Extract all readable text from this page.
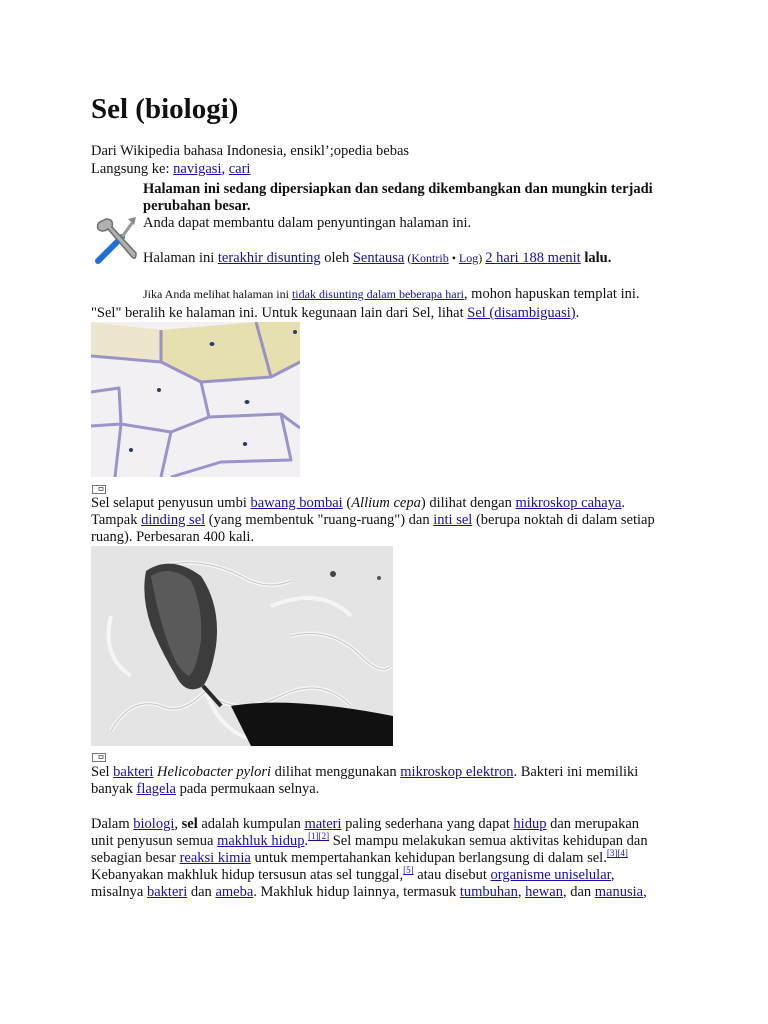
Sel (biologi)
Dari Wikipedia bahasa Indonesia, ensikl’;opedia bebas
Langsung ke: navigasi, cari
Halaman ini sedang dipersiapkan dan sedang dikembangkan dan mungkin terjadi perubahan besar.
Anda dapat membantu dalam penyuntingan halaman ini.
Halaman ini terakhir disunting oleh Sentausa (Kontrib • Log) 2 hari 188 menit lalu.
Jika Anda melihat halaman ini tidak disunting dalam beberapa hari, mohon hapuskan templat ini.
"Sel" beralih ke halaman ini. Untuk kegunaan lain dari Sel, lihat Sel (disambiguasi).
Sel selaput penyusun umbi bawang bombai (Allium cepa) dilihat dengan mikroskop cahaya.
Tampak dinding sel (yang membentuk "ruang-ruang") dan inti sel (berupa noktah di dalam setiap
ruang). Perbesaran 400 kali.
Sel bakteri Helicobacter pylori dilihat menggunakan mikroskop elektron. Bakteri ini memiliki
banyak flagela pada permukaan selnya.
Dalam biologi, sel adalah kumpulan materi paling sederhana yang dapat hidup dan merupakan
unit penyusun semua makhluk hidup.[1][2] Sel mampu melakukan semua aktivitas kehidupan dan
sebagian besar reaksi kimia untuk mempertahankan kehidupan berlangsung di dalam sel.[3][4]
Kebanyakan makhluk hidup tersusun atas sel tunggal,[5] atau disebut organisme uniselular,
misalnya bakteri dan ameba. Makhluk hidup lainnya, termasuk tumbuhan, hewan, dan manusia,
